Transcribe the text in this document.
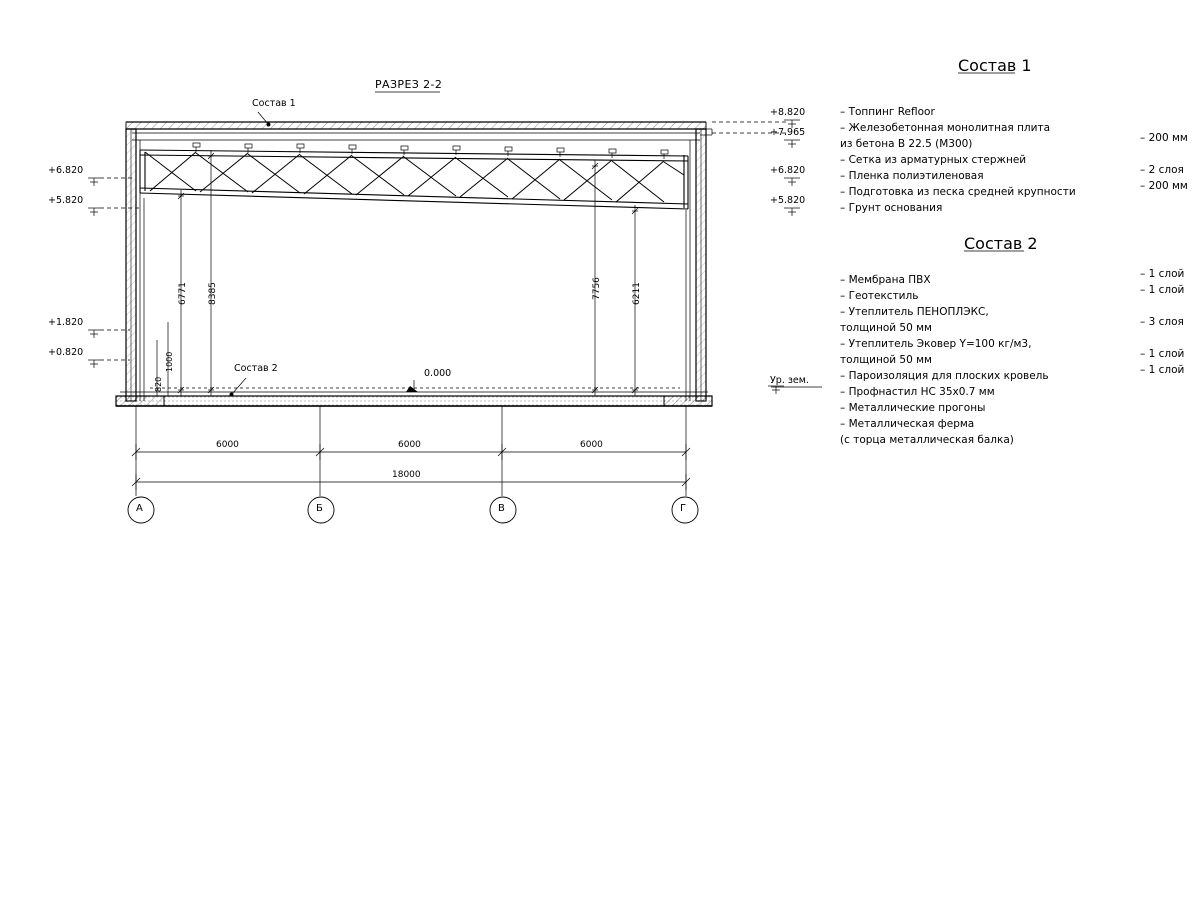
РАЗРЕЗ 2-2
Состав 1
Состав 2	0.000
+6.820
+5.820
+1.820
+0.820
+8.820
+7.965
+6.820
+5.820
Ур. зем.
6771 8385	7756	6211
820
1000
6000	6000	6000
18000
А	Б	В	Г
Состав 1
– Топпинг Refloor
– Железобетонная монолитная плита
из бетона В 22.5 (М300)	– 200 мм
– Сетка из арматурных стержней
– Пленка полиэтиленовая	– 2 слоя
– Подготовка из песка средней крупности	– 200 мм
– Грунт основания
Состав 2
– Мембрана ПВХ	– 1 слой
– Геотекстиль	– 1 слой
– Утеплитель ПЕНОПЛЭКС,
толщиной 50 мм	– 3 слоя
– Утеплитель Эковер Y=100 кг/м3,
толщиной 50 мм	– 1 слой
– Пароизоляция для плоских кровель	– 1 слой
– Профнастил НС 35х0.7 мм
– Металлические прогоны
– Металлическая ферма
(с торца металлическая балка)
